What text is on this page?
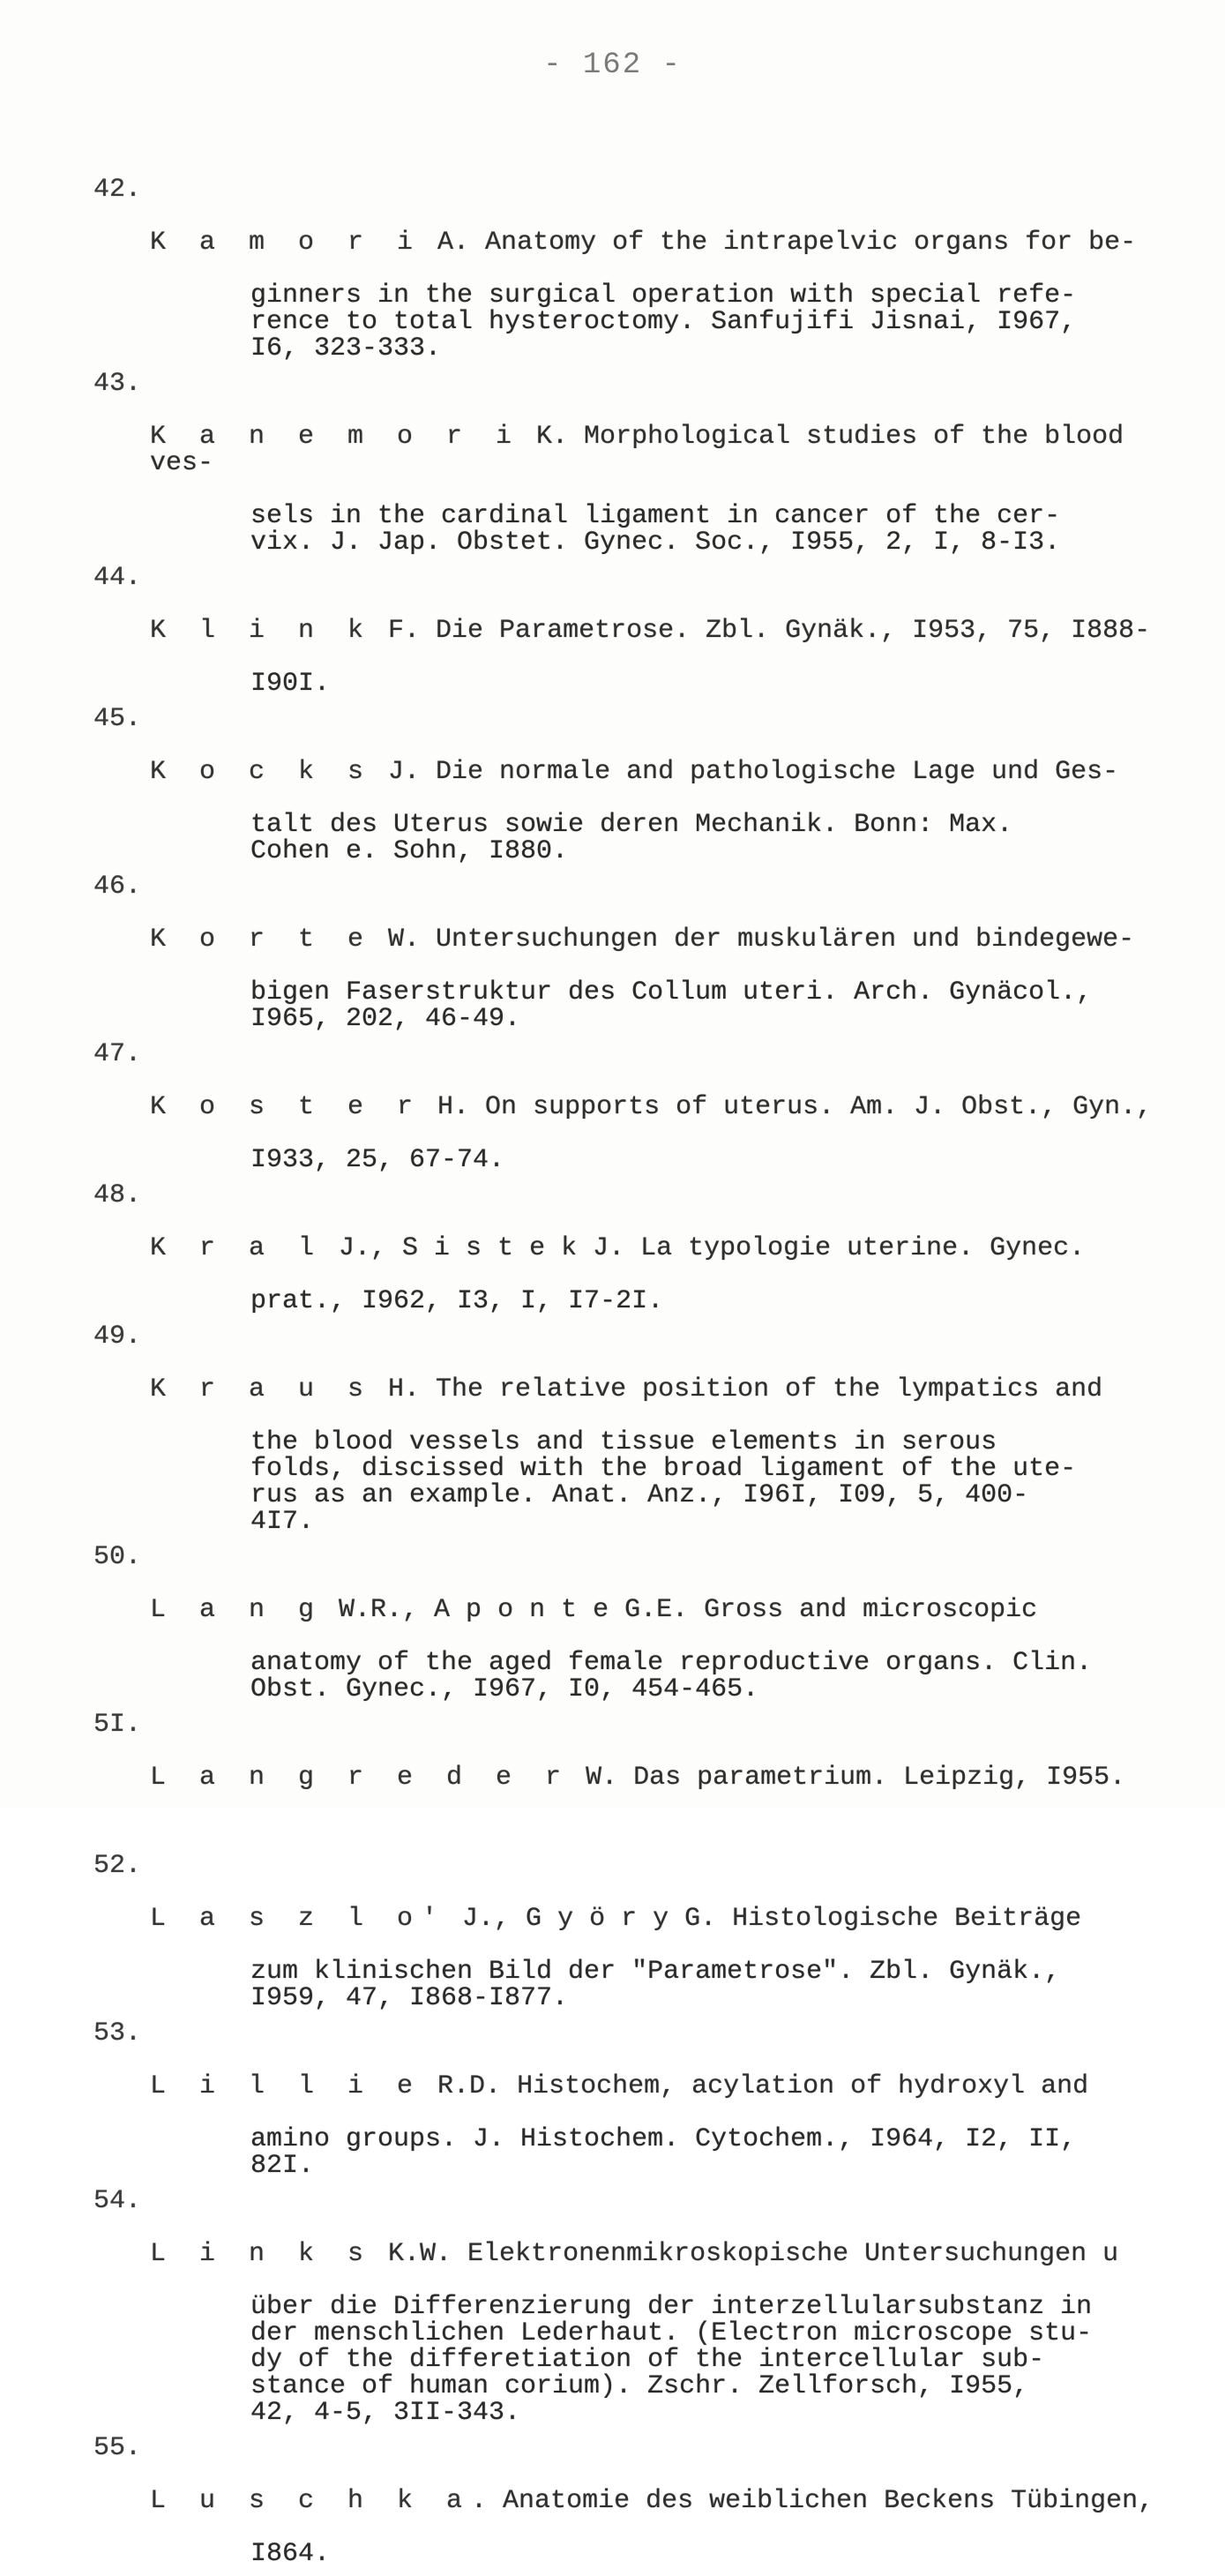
- 162 -

42.

K a m o r i A. Anatomy of the intrapelvic organs for be-

ginners in the surgical operation with special refe-
rence to total hysteroctomy. Sanfujifi Jisnai, I967,
I6, 323-333.

43.

K a n e m o r i K. Morphological studies of the blood ves-

sels in the cardinal ligament in cancer of the cer-
vix. J. Jap. Obstet. Gynec. Soc., I955, 2, I, 8-I3.

44.

K l i n k F. Die Parametrose. Zbl. Gynäk., I953, 75, I888-

I90I.

45.

K o c k s J. Die normale and pathologische Lage und Ges-

talt des Uterus sowie deren Mechanik. Bonn: Max.
Cohen e. Sohn, I880.

46.

K o r t e W. Untersuchungen der muskulären und bindegewe-

bigen Faserstruktur des Collum uteri. Arch. Gynäcol.,
I965, 202, 46-49.

47.

K o s t e r H. On supports of uterus. Am. J. Obst., Gyn.,

I933, 25, 67-74.

48.

K r a l J., S i s t e k J. La typologie uterine. Gynec.

prat., I962, I3, I, I7-2I.

49.

K r a u s H. The relative position of the lympatics and

the blood vessels and tissue elements in serous
folds, discissed with the broad ligament of the ute-
rus as an example. Anat. Anz., I96I, I09, 5, 400-
4I7.

50.

L a n g W.R., A p o n t e G.E. Gross and microscopic

anatomy of the aged female reproductive organs. Clin.
Obst. Gynec., I967, I0, 454-465.

5I.

L a n g r e d e r W. Das parametrium. Leipzig, I955.

52.

L a s z l o' J., G y ö r y G. Histologische Beiträge

zum klinischen Bild der "Parametrose". Zbl. Gynäk.,
I959, 47, I868-I877.

53.

L i l l i e R.D. Histochem, acylation of hydroxyl and

amino groups. J. Histochem. Cytochem., I964, I2, II,
82I.

54.

L i n k s K.W. Elektronenmikroskopische Untersuchungen u

über die Differenzierung der interzellularsubstanz in
der menschlichen Lederhaut. (Electron microscope stu-
dy of the differetiation of the intercellular sub-
stance of human corium). Zschr. Zellforsch, I955,
42, 4-5, 3II-343.

55.

L u s c h k a. Anatomie des weiblichen Beckens Tübingen,

I864.
